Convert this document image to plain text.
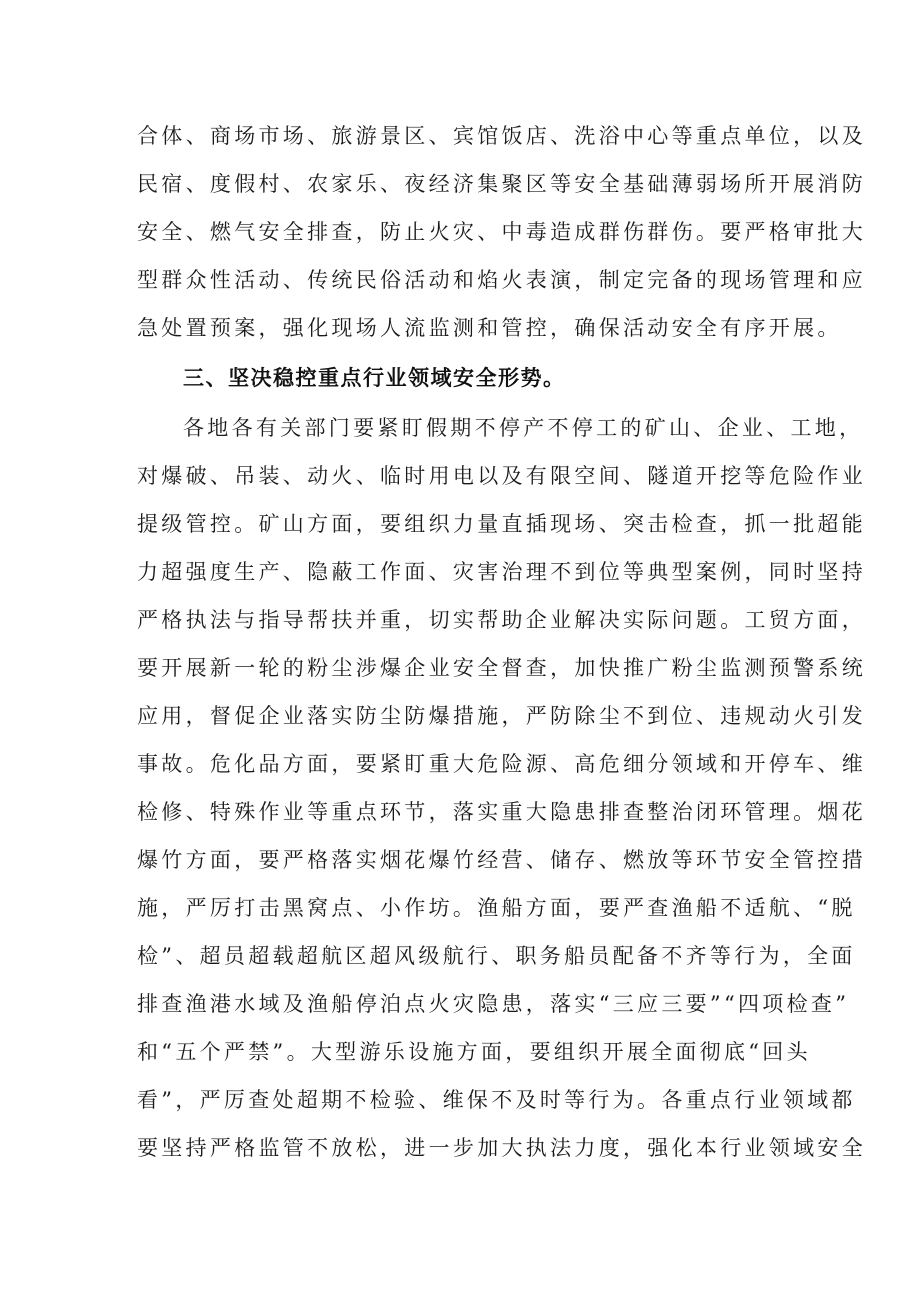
合体、商场市场、旅游景区、宾馆饭店、洗浴中心等重点单位，以及
民宿、度假村、农家乐、夜经济集聚区等安全基础薄弱场所开展消防
安全、燃气安全排查，防止火灾、中毒造成群伤群伤。要严格审批大
型群众性活动、传统民俗活动和焰火表演，制定完备的现场管理和应
急处置预案，强化现场人流监测和管控，确保活动安全有序开展。
三、坚决稳控重点行业领域安全形势。
各地各有关部门要紧盯假期不停产不停工的矿山、企业、工地，
对爆破、吊装、动火、临时用电以及有限空间、隧道开挖等危险作业
提级管控。矿山方面，要组织力量直插现场、突击检查，抓一批超能
力超强度生产、隐蔽工作面、灾害治理不到位等典型案例，同时坚持
严格执法与指导帮扶并重，切实帮助企业解决实际问题。工贸方面，
要开展新一轮的粉尘涉爆企业安全督查，加快推广粉尘监测预警系统
应用，督促企业落实防尘防爆措施，严防除尘不到位、违规动火引发
事故。危化品方面，要紧盯重大危险源、高危细分领域和开停车、维
检修、特殊作业等重点环节，落实重大隐患排查整治闭环管理。烟花
爆竹方面，要严格落实烟花爆竹经营、储存、燃放等环节安全管控措
施，严厉打击黑窝点、小作坊。渔船方面，要严查渔船不适航、“脱
检”、超员超载超航区超风级航行、职务船员配备不齐等行为，全面
排查渔港水域及渔船停泊点火灾隐患，落实“三应三要”“四项检查”
和“五个严禁”。大型游乐设施方面，要组织开展全面彻底“回头
看”，严厉查处超期不检验、维保不及时等行为。各重点行业领域都
要坚持严格监管不放松，进一步加大执法力度，强化本行业领域安全
